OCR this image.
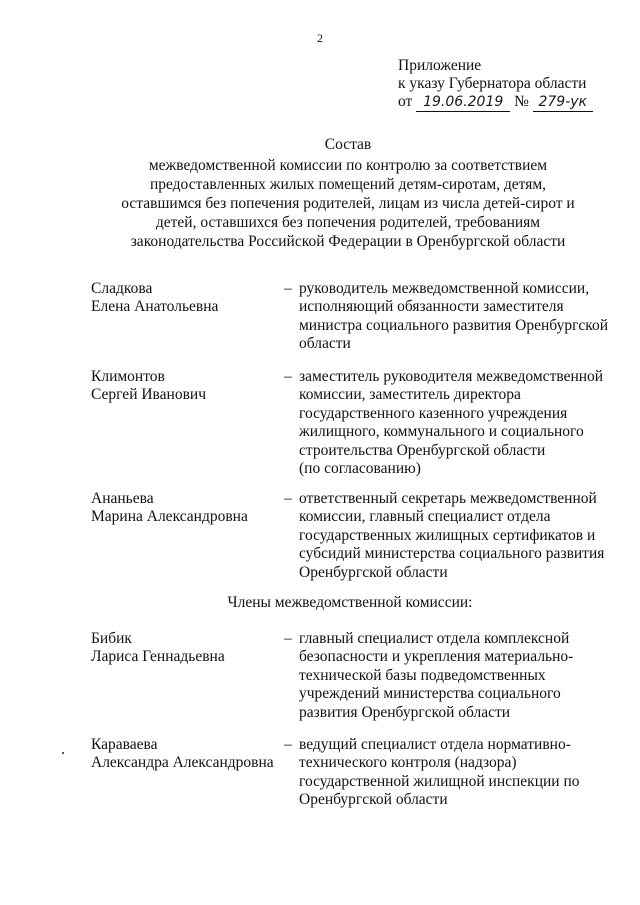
2
Приложение
к указу Губернатора области
от 19.06.2019 № 279-ук
Состав
межведомственной комиссии по контролю за соответствием
предоставленных жилых помещений детям-сиротам, детям,
оставшимся без попечения родителей, лицам из числа детей-сирот и
детей, оставшихся без попечения родителей, требованиям
законодательства Российской Федерации в Оренбургской области
Сладкова
Елена Анатольевна
– руководитель межведомственной комиссии,
исполняющий обязанности заместителя
министра социального развития Оренбургской
области
Климонтов
Сергей Иванович
– заместитель руководителя межведомственной
комиссии, заместитель директора
государственного казенного учреждения
жилищного, коммунального и социального
строительства Оренбургской области
(по согласованию)
Ананьева
Марина Александровна
– ответственный секретарь межведомственной
комиссии, главный специалист отдела
государственных жилищных сертификатов и
субсидий министерства социального развития
Оренбургской области
Члены межведомственной комиссии:
Бибик
Лариса Геннадьевна
– главный специалист отдела комплексной
безопасности и укрепления материально-
технической базы подведомственных
учреждений министерства социального
развития Оренбургской области
Караваева
Александра Александровна
– ведущий специалист отдела нормативно-
технического контроля (надзора)
государственной жилищной инспекции по
Оренбургской области
